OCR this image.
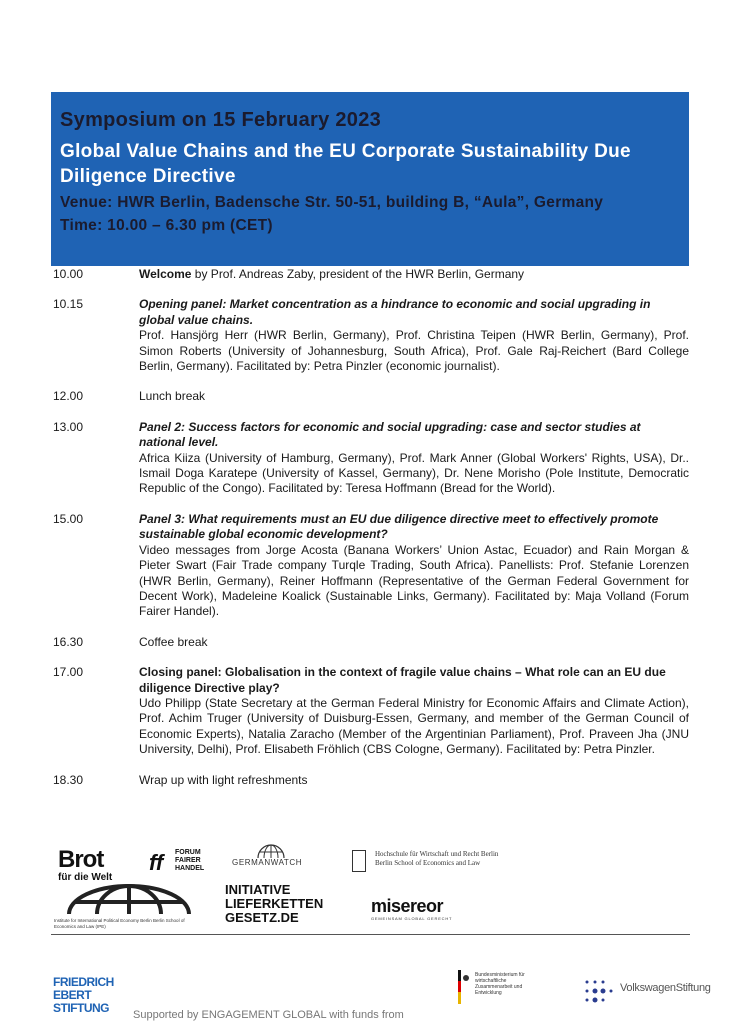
Symposium on 15 February 2023
Global Value Chains and the EU Corporate Sustainability Due Diligence Directive
Venue: HWR Berlin, Badensche Str. 50-51, building B, “Aula”, Germany
Time: 10.00 – 6.30 pm (CET)
10.00	Welcome by Prof. Andreas Zaby, president of the HWR Berlin, Germany
10.15	Opening panel: Market concentration as a hindrance to economic and social upgrading in global value chains.
Prof. Hansjörg Herr (HWR Berlin, Germany), Prof. Christina Teipen (HWR Berlin, Germany), Prof. Simon Roberts (University of Johannesburg, South Africa), Prof. Gale Raj-Reichert (Bard College Berlin, Germany). Facilitated by: Petra Pinzler (economic journalist).
12.00	Lunch break
13.00	Panel 2: Success factors for economic and social upgrading: case and sector studies at national level.
Africa Kiiza (University of Hamburg, Germany), Prof. Mark Anner (Global Workers' Rights, USA), Dr.. Ismail Doga Karatepe (University of Kassel, Germany), Dr. Nene Morisho (Pole Institute, Democratic Republic of the Congo). Facilitated by: Teresa Hoffmann (Bread for the World).
15.00	Panel 3: What requirements must an EU due diligence directive meet to effectively promote sustainable global economic development?
Video messages from Jorge Acosta (Banana Workers’ Union Astac, Ecuador) and Rain Morgan & Pieter Swart (Fair Trade company Turqle Trading, South Africa). Panellists: Prof. Stefanie Lorenzen (HWR Berlin, Germany), Reiner Hoffmann (Representative of the German Federal Government for Decent Work), Madeleine Koalick (Sustainable Links, Germany). Facilitated by: Maja Volland (Forum Fairer Handel).
16.30	Coffee break
17.00	Closing panel: Globalisation in the context of fragile value chains – What role can an EU due diligence Directive play?
Udo Philipp (State Secretary at the German Federal Ministry for Economic Affairs and Climate Action), Prof. Achim Truger (University of Duisburg-Essen, Germany, and member of the German Council of Economic Experts), Natalia Zaracho (Member of the Argentinian Parliament), Prof. Praveen Jha (JNU University, Delhi), Prof. Elisabeth Fröhlich (CBS Cologne, Germany). Facilitated by: Petra Pinzler.
18.30	Wrap up with light refreshments
Brot
für die Welt
ff FORUM FAIRER HANDEL
GERMANWATCH
Hochschule für Wirtschaft und Recht Berlin Berlin School of Economics and Law
Institute for International Political Economy Berlin Berlin School of Economics and Law (IPE)
INITIATIVE LIEFERKETTEN GESETZ.DE
misereor
GEMEINSAM GLOBAL GERECHT
FRIEDRICH EBERT STIFTUNG	Supported by ENGAGEMENT GLOBAL with funds from
Bundesministerium für wirtschaftliche Zusammenarbeit und Entwicklung	VolkswagenStiftung
